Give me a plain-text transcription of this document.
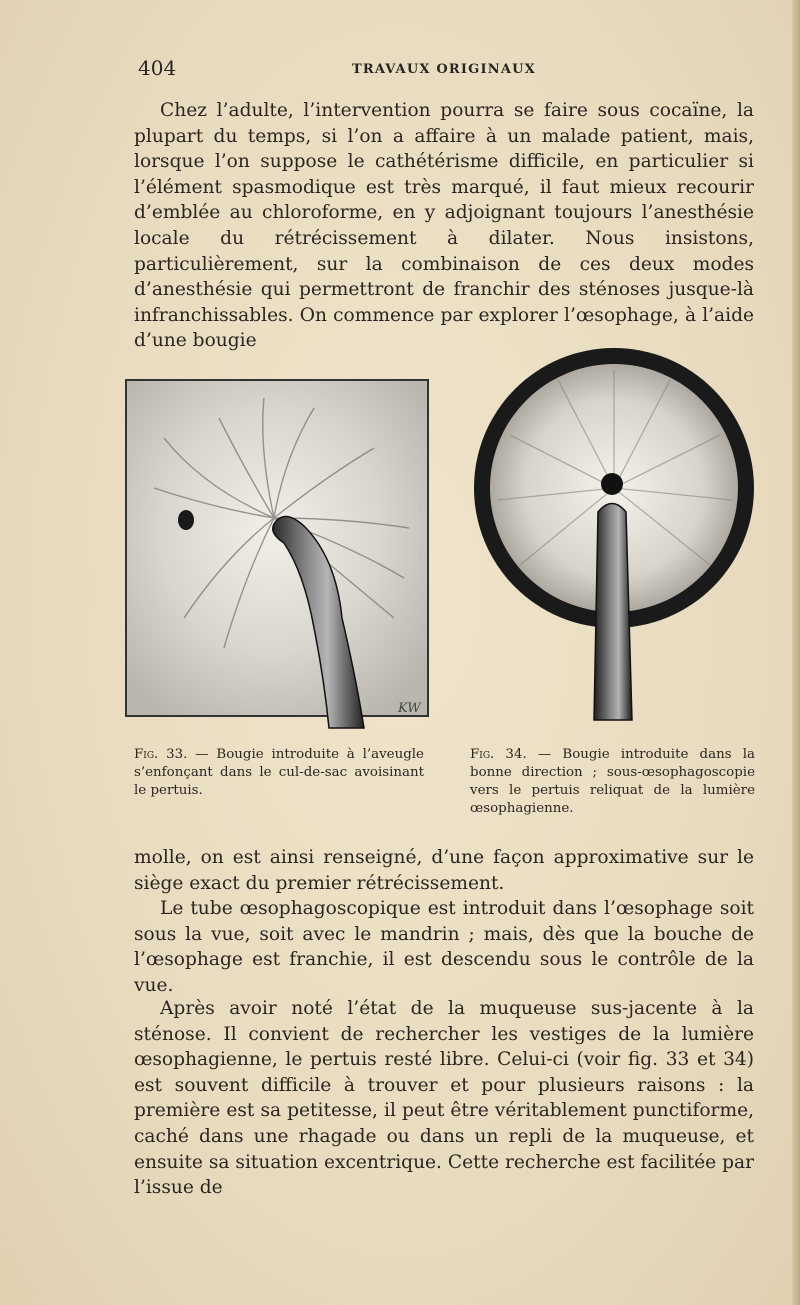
404	TRAVAUX ORIGINAUX

Chez l’adulte, l’intervention pourra se faire sous cocaïne, la plupart du temps, si l’on a affaire à un malade patient, mais, lorsque l’on suppose le cathétérisme difficile, en particulier si l’élément spasmodique est très marqué, il faut mieux recourir d’emblée au chloroforme, en y adjoignant toujours l’anesthésie locale du rétrécissement à dilater. Nous insistons, particulièrement, sur la combinaison de ces deux modes d’anesthésie qui permettront de franchir des sténoses jusque-là infranchissables. On commence par explorer l’œsophage, à l’aide d’une bougie

KW

Fig. 33. — Bougie introduite à l’aveugle s’enfonçant dans le cul-de-sac avoisinant le pertuis.

Fig. 34. — Bougie introduite dans la bonne direction ; sous-œsophagoscopie vers le pertuis reliquat de la lumière œsophagienne.

molle, on est ainsi renseigné, d’une façon approximative sur le siège exact du premier rétrécissement.

Le tube œsophagoscopique est introduit dans l’œsophage soit sous la vue, soit avec le mandrin ; mais, dès que la bouche de l’œsophage est franchie, il est descendu sous le contrôle de la vue.

Après avoir noté l’état de la muqueuse sus-jacente à la sténose. Il convient de rechercher les vestiges de la lumière œsophagienne, le pertuis resté libre. Celui-ci (voir fig. 33 et 34) est souvent difficile à trouver et pour plusieurs raisons : la première est sa petitesse, il peut être véritablement punctiforme, caché dans une rhagade ou dans un repli de la muqueuse, et ensuite sa situation excentrique. Cette recherche est facilitée par l’issue de
